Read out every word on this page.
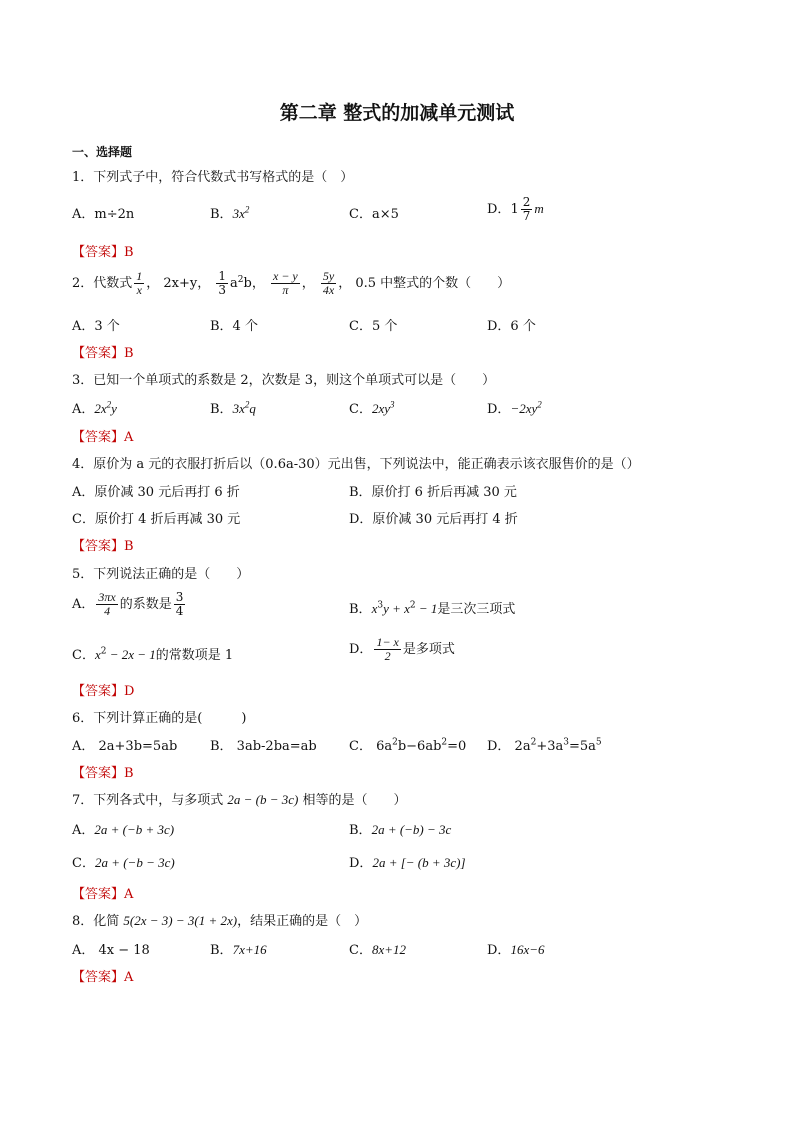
第二章 整式的加减单元测试
一、选择题
1．下列式子中，符合代数式书写格式的是（　）
A．m÷2n	B．$3x^2$	C．a×5	D．$1 \frac{2}{7}$ m
【答案】B
2．代数式 $\frac{1}{x}$ ， 2x+y， $\frac{1}{3} a^2b$， $\frac{x - y}{\pi}$ ， $\frac{5y}{4x}$ ， 0.5 中整式的个数（　　）
A．3 个	B．4 个	C．5 个	D．6 个
【答案】B
3．已知一个单项式的系数是 2，次数是 3，则这个单项式可以是（　　）
A．$2x^2y$	B．$3x^2q$	C．$2xy^3$	D．$-2xy^2$
【答案】A
4．原价为 a 元的衣服打折后以（0.6a-30）元出售，下列说法中，能正确表示该衣服售价的是（）
A．原价减 30 元后再打 6 折	B．原价打 6 折后再减 30 元
C．原价打 4 折后再减 30 元	D．原价减 30 元后再打 4 折
【答案】B
5．下列说法正确的是（　　）
A． $\frac{3\pi x}{4}$ 的系数是 $\frac{3}{4}$	B．$x^3y + x^2 - 1$是三次三项式
C．$x^2 - 2x - 1$的常数项是 1	D． $\frac{1- x}{2}$ 是多项式
【答案】D
6．下列计算正确的是(　　　)
A． 2a+3b=5ab	B． 3ab-2ba=ab C． $6a^2b-6ab^2=0$ D． $2a^2+3a^3=5a^5$
【答案】B
7．下列各式中，与多项式 2a − (b − 3c) 相等的是（　　）
A．2a + (−b + 3c)	B．2a + (−b) − 3c
C．2a + (−b − 3c)	D．2a + [− (b + 3c)]
【答案】A
8．化简 5(2x − 3) − 3(1 + 2x)，结果正确的是（　）
A． 4x − 18	B．7x+16	C．8x+12	D．16x−6
【答案】A
